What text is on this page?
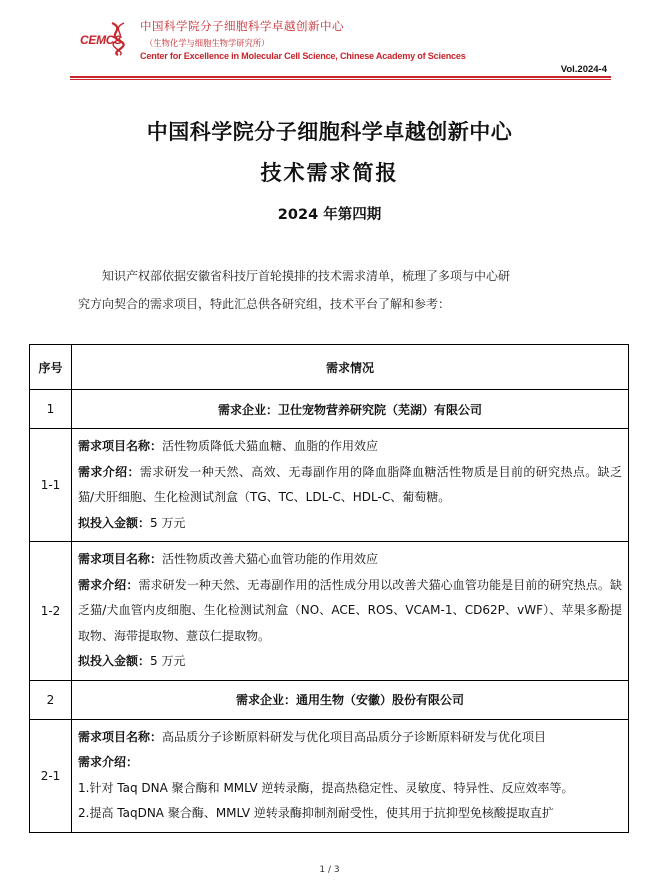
CEMCS
中国科学院分子细胞科学卓越创新中心
（生物化学与细胞生物学研究所）
Center for Excellence in Molecular Cell Science, Chinese Academy of Sciences
Vol.2024-4
中国科学院分子细胞科学卓越创新中心
技术需求简报
2024 年第四期

知识产权部依据安徽省科技厅首轮摸排的技术需求清单，梳理了多项与中心研

究方向契合的需求项目，特此汇总供各研究组，技术平台了解和参考：

序号	需求情况
1	需求企业：卫仕宠物营养研究院（芜湖）有限公司
1-1	需求项目名称：活性物质降低犬猫血糖、血脂的作用效应
需求介绍：需求研发一种天然、高效、无毒副作用的降血脂降血糖活性物质是目前的研究热点。缺乏猫/犬肝细胞、生化检测试剂盒（TG、TC、LDL-C、HDL-C、葡萄糖。
拟投入金额：5 万元

1-2	需求项目名称：活性物质改善犬猫心血管功能的作用效应
需求介绍：需求研发一种天然、无毒副作用的活性成分用以改善犬猫心血管功能是目前的研究热点。缺乏猫/犬血管内皮细胞、生化检测试剂盒（NO、ACE、ROS、VCAM-1、CD62P、vWF）、苹果多酚提取物、海带提取物、薏苡仁提取物。
拟投入金额：5 万元

2	需求企业：通用生物（安徽）股份有限公司
2-1	需求项目名称：高品质分子诊断原料研发与优化项目高品质分子诊断原料研发与优化项目
需求介绍：
1.针对 Taq DNA 聚合酶和 MMLV 逆转录酶，提高热稳定性、灵敏度、特异性、反应效率等。
2.提高 TaqDNA 聚合酶、MMLV 逆转录酶抑制剂耐受性，使其用于抗抑型免核酸提取直扩
1 / 3
